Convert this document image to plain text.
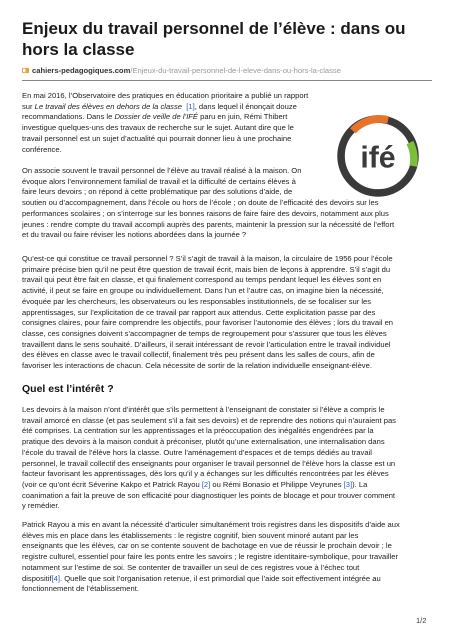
Enjeux du travail personnel de l’élève : dans ou hors la classe
cahiers-pedagogiques.com/Enjeux-du-travail-personnel-de-l-eleve-dans-ou-hors-la-classe
ifé

En mai 2016, l’Observatoire des pratiques en éducation prioritaire a publié un rapport
sur Le travail des élèves en dehors de la classe [1], dans lequel il énonçait douze
recommandations. Dans le Dossier de veille de l’IFÉ paru en juin, Rémi Thibert
investigue quelques-uns des travaux de recherche sur le sujet. Autant dire que le
travail personnel est un sujet d’actualité qui pourrait donner lieu à une prochaine
conférence.

On associe souvent le travail personnel de l’élève au travail réalisé à la maison. On
évoque alors l’environnement familial de travail et la difficulté de certains élèves à
faire leurs devoirs ; on répond à cette problématique par des solutions d’aide, de
soutien ou d’accompagnement, dans l’école ou hors de l’école ; on doute de l’efficacité des devoirs sur les
performances scolaires ; on s’interroge sur les bonnes raisons de faire faire des devoirs, notamment aux plus
jeunes : rendre compte du travail accompli auprès des parents, maintenir la pression sur la nécessité de l’effort
et du travail ou faire réviser les notions abordées dans la journée ?

Qu’est-ce qui constitue ce travail personnel ? S’il s’agit de travail à la maison, la circulaire de 1956 pour l’école
primaire précise bien qu’il ne peut être question de travail écrit, mais bien de leçons à apprendre. S’il s’agit du
travail qui peut être fait en classe, et qui finalement correspond au temps pendant lequel les élèves sont en
activité, il peut se faire en groupe ou individuellement. Dans l’un et l’autre cas, on imagine bien la nécessité,
évoquée par les chercheurs, les observateurs ou les responsables institutionnels, de se focaliser sur les
apprentissages, sur l’explicitation de ce travail par rapport aux attendus. Cette explicitation passe par des
consignes claires, pour faire comprendre les objectifs, pour favoriser l’autonomie des élèves ; lors du travail en
classe, ces consignes doivent s’accompagner de temps de regroupement pour s’assurer que tous les élèves
travaillent dans le sens souhaité. D’ailleurs, il serait intéressant de revoir l’articulation entre le travail individuel
des élèves en classe avec le travail collectif, finalement très peu présent dans les salles de cours, afin de
favoriser les interactions de chacun. Cela nécessite de sortir de la relation individuelle enseignant-élève.

Quel est l’intérêt ?

Les devoirs à la maison n’ont d’intérêt que s’ils permettent à l’enseignant de constater si l’élève a compris le
travail amorcé en classe (et pas seulement s’il a fait ses devoirs) et de reprendre des notions qui n’auraient pas
été comprises. La centration sur les apprentissages et la préoccupation des inégalités engendrées par la
pratique des devoirs à la maison conduit à préconiser, plutôt qu’une externalisation, une internalisation dans
l’école du travail de l’élève hors la classe. Outre l’aménagement d’espaces et de temps dédiés au travail
personnel, le travail collectif des enseignants pour organiser le travail personnel de l’élève hors la classe est un
facteur favorisant les apprentissages, dès lors qu’il y a échanges sur les difficultés rencontrées par les élèves
(voir ce qu’ont écrit Séverine Kakpo et Patrick Rayou [2] ou Rémi Bonasio et Philippe Veyrunes [3]). La
coanimation a fait la preuve de son efficacité pour diagnostiquer les points de blocage et pour trouver comment
y remédier.

Patrick Rayou a mis en avant la nécessité d’articuler simultanément trois registres dans les dispositifs d’aide aux
élèves mis en place dans les établissements : le registre cognitif, bien souvent minoré autant par les
enseignants que les élèves, car on se contente souvent de bachotage en vue de réussir le prochain devoir ; le
registre culturel, essentiel pour faire les ponts entre les savoirs ; le registre identitaire-symbolique, pour travailler
notamment sur l’estime de soi. Se contenter de travailler un seul de ces registres voue à l’échec tout
dispositif[4]. Quelle que soit l’organisation retenue, il est primordial que l’aide soit effectivement intégrée au
fonctionnement de l’établissement.

1/2
